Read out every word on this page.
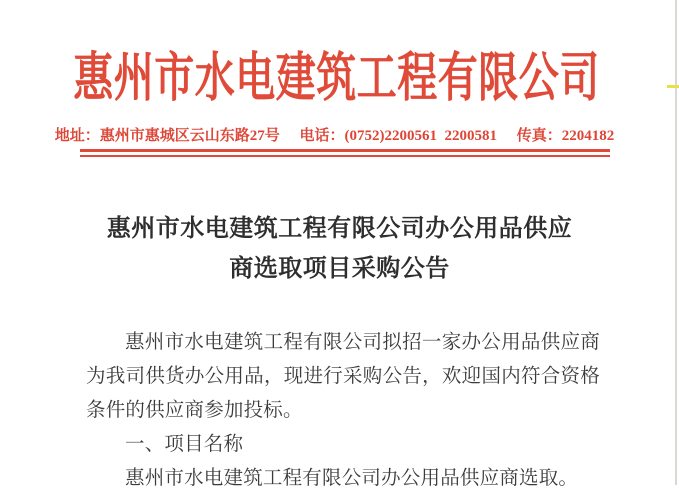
惠州市水电建筑工程有限公司
地址：惠州市惠城区云山东路27号 电话：(0752)2200561  2200581 传真：2204182
惠州市水电建筑工程有限公司办公用品供应
商选取项目采购公告

惠州市水电建筑工程有限公司拟招一家办公用品供应商为我司供货办公用品，现进行采购公告，欢迎国内符合资格条件的供应商参加投标。

一、项目名称

惠州市水电建筑工程有限公司办公用品供应商选取。
